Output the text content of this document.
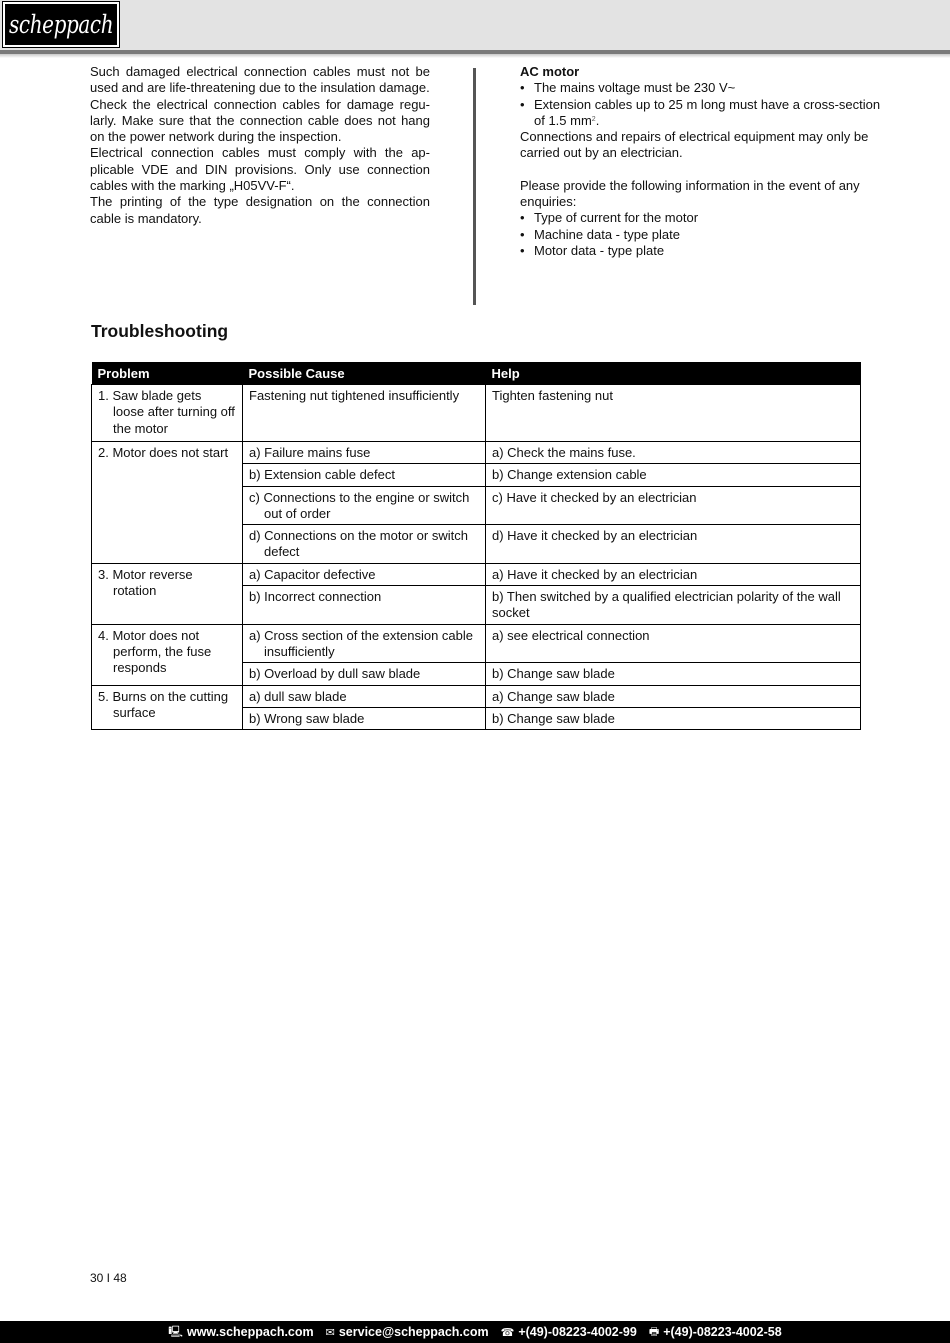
scheppach

Such damaged electrical connection cables must not be used and are life-threatening due to the insulation damage.

Check the electrical connection cables for damage regu-larly. Make sure that the connection cable does not hang on the power network during the inspection.

Electrical connection cables must comply with the ap-plicable VDE and DIN provisions. Only use connection cables with the marking „H05VV-F“.

The printing of the type designation on the connection cable is mandatory.

AC motor

• The mains voltage must be 230 V~
• Extension cables up to 25 m long must have a cross-section of 1.5 $mm^2$.

Connections and repairs of electrical equipment may only be carried out by an electrician.

Please provide the following information in the event of any enquiries:

• Type of current for the motor
• Machine data - type plate
• Motor data - type plate
Troubleshooting
Problem	Possible Cause	Help

1. Saw blade gets loose after turning off the motor	Fastening nut tightened insufficiently	Tighten fastening nut

2. Motor does not start	a) Failure mains fuse	a) Check the mains fuse.

	b) Extension cable defect	b) Change extension cable

	c) Connections to the engine or switch out of order	c) Have it checked by an electrician

	d) Connections on the motor or switch defect	d) Have it checked by an electrician

3. Motor reverse rotation	a) Capacitor defective	a) Have it checked by an electrician

	b) Incorrect connection	b) Then switched by a qualified electrician polarity of the wall socket

4. Motor does not perform, the fuse responds	a) Cross section of the extension cable insufficiently	a) see electrical connection

	b) Overload by dull saw blade	b) Change saw blade

5. Burns on the cutting surface	a) dull saw blade	a) Change saw blade

	b) Wrong saw blade	b) Change saw blade
30 I 48
🖳 www.scheppach.com ✉ service@scheppach.com ☎ +(49)-08223-4002-99 🖶 +(49)-08223-4002-58
